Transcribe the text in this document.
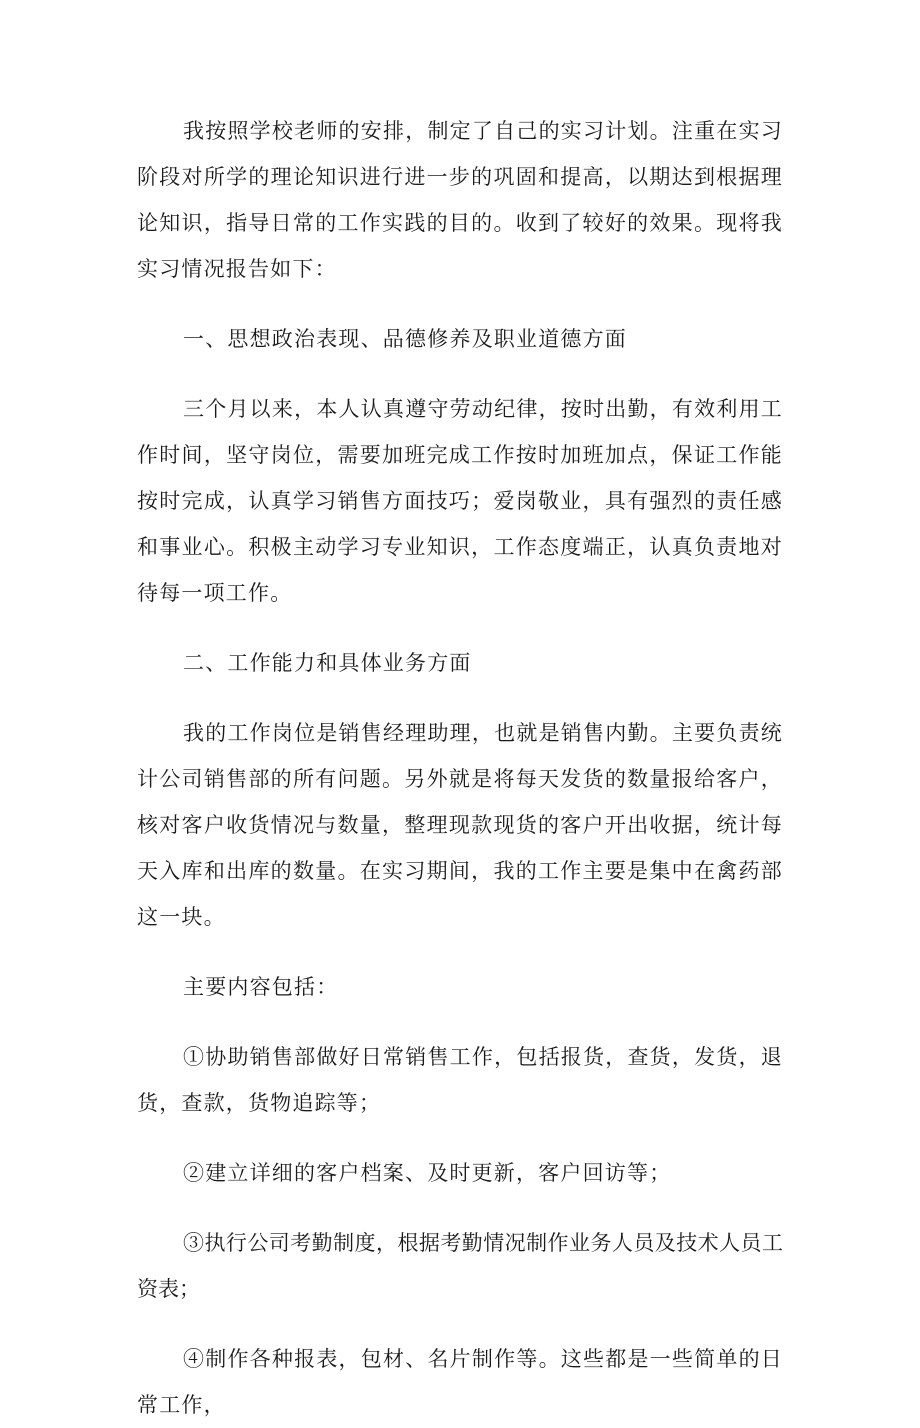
我按照学校老师的安排，制定了自己的实习计划。注重在实习阶段对所学的理论知识进行进一步的巩固和提高，以期达到根据理论知识，指导日常的工作实践的目的。收到了较好的效果。现将我实习情况报告如下：

一、思想政治表现、品德修养及职业道德方面

三个月以来，本人认真遵守劳动纪律，按时出勤，有效利用工作时间，坚守岗位，需要加班完成工作按时加班加点，保证工作能按时完成，认真学习销售方面技巧；爱岗敬业，具有强烈的责任感和事业心。积极主动学习专业知识，工作态度端正，认真负责地对待每一项工作。

二、工作能力和具体业务方面

我的工作岗位是销售经理助理，也就是销售内勤。主要负责统计公司销售部的所有问题。另外就是将每天发货的数量报给客户，核对客户收货情况与数量，整理现款现货的客户开出收据，统计每天入库和出库的数量。在实习期间，我的工作主要是集中在禽药部这一块。

主要内容包括：

①协助销售部做好日常销售工作，包括报货，查货，发货，退货，查款，货物追踪等；

②建立详细的客户档案、及时更新，客户回访等；

③执行公司考勤制度，根据考勤情况制作业务人员及技术人员工资表；

④制作各种报表，包材、名片制作等。这些都是一些简单的日常工作，
